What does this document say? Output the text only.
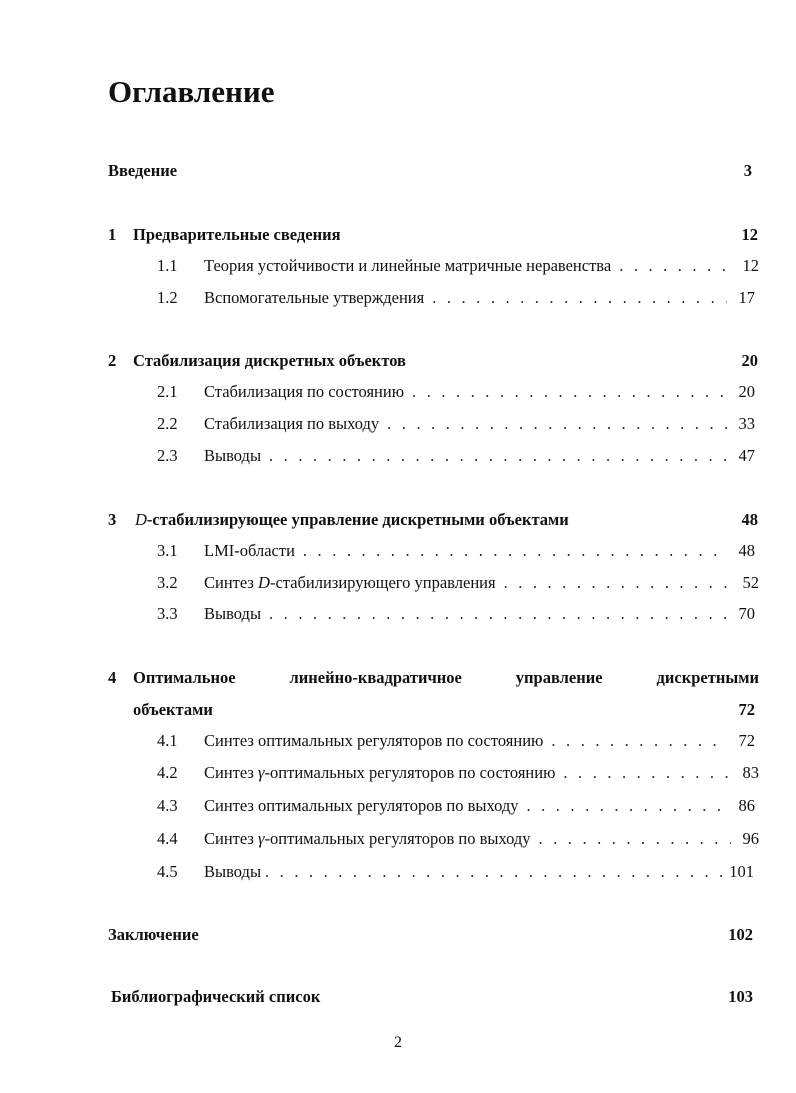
Оглавление
Введение	3
1 Предварительные сведения	12
1.1	Теория устойчивости и линейные матричные неравенства . . .	12
1.2	Вспомогательные утверждения . . .	17
2 Стабилизация дискретных объектов	20
2.1	Стабилизация по состоянию . . .	20
2.2	Стабилизация по выходу . . .	33
2.3	Выводы . . .	47
3 D-стабилизирующее управление дискретными объектами	48
3.1	LMI-области . . .	48
3.2	Синтез D-стабилизирующего управления . . .	52
3.3	Выводы . . .	70
4 Оптимальное	линейно-квадратичное	управление	дискретными
объектами	72
4.1	Синтез оптимальных регуляторов по состоянию . . .	72
4.2	Синтез γ-оптимальных регуляторов по состоянию . . .	83
4.3	Синтез оптимальных регуляторов по выходу . . .	86
4.4	Синтез γ-оптимальных регуляторов по выходу . . .	96
4.5	Выводы . . .	101
Заключение	102
Библиографический список	103
2
